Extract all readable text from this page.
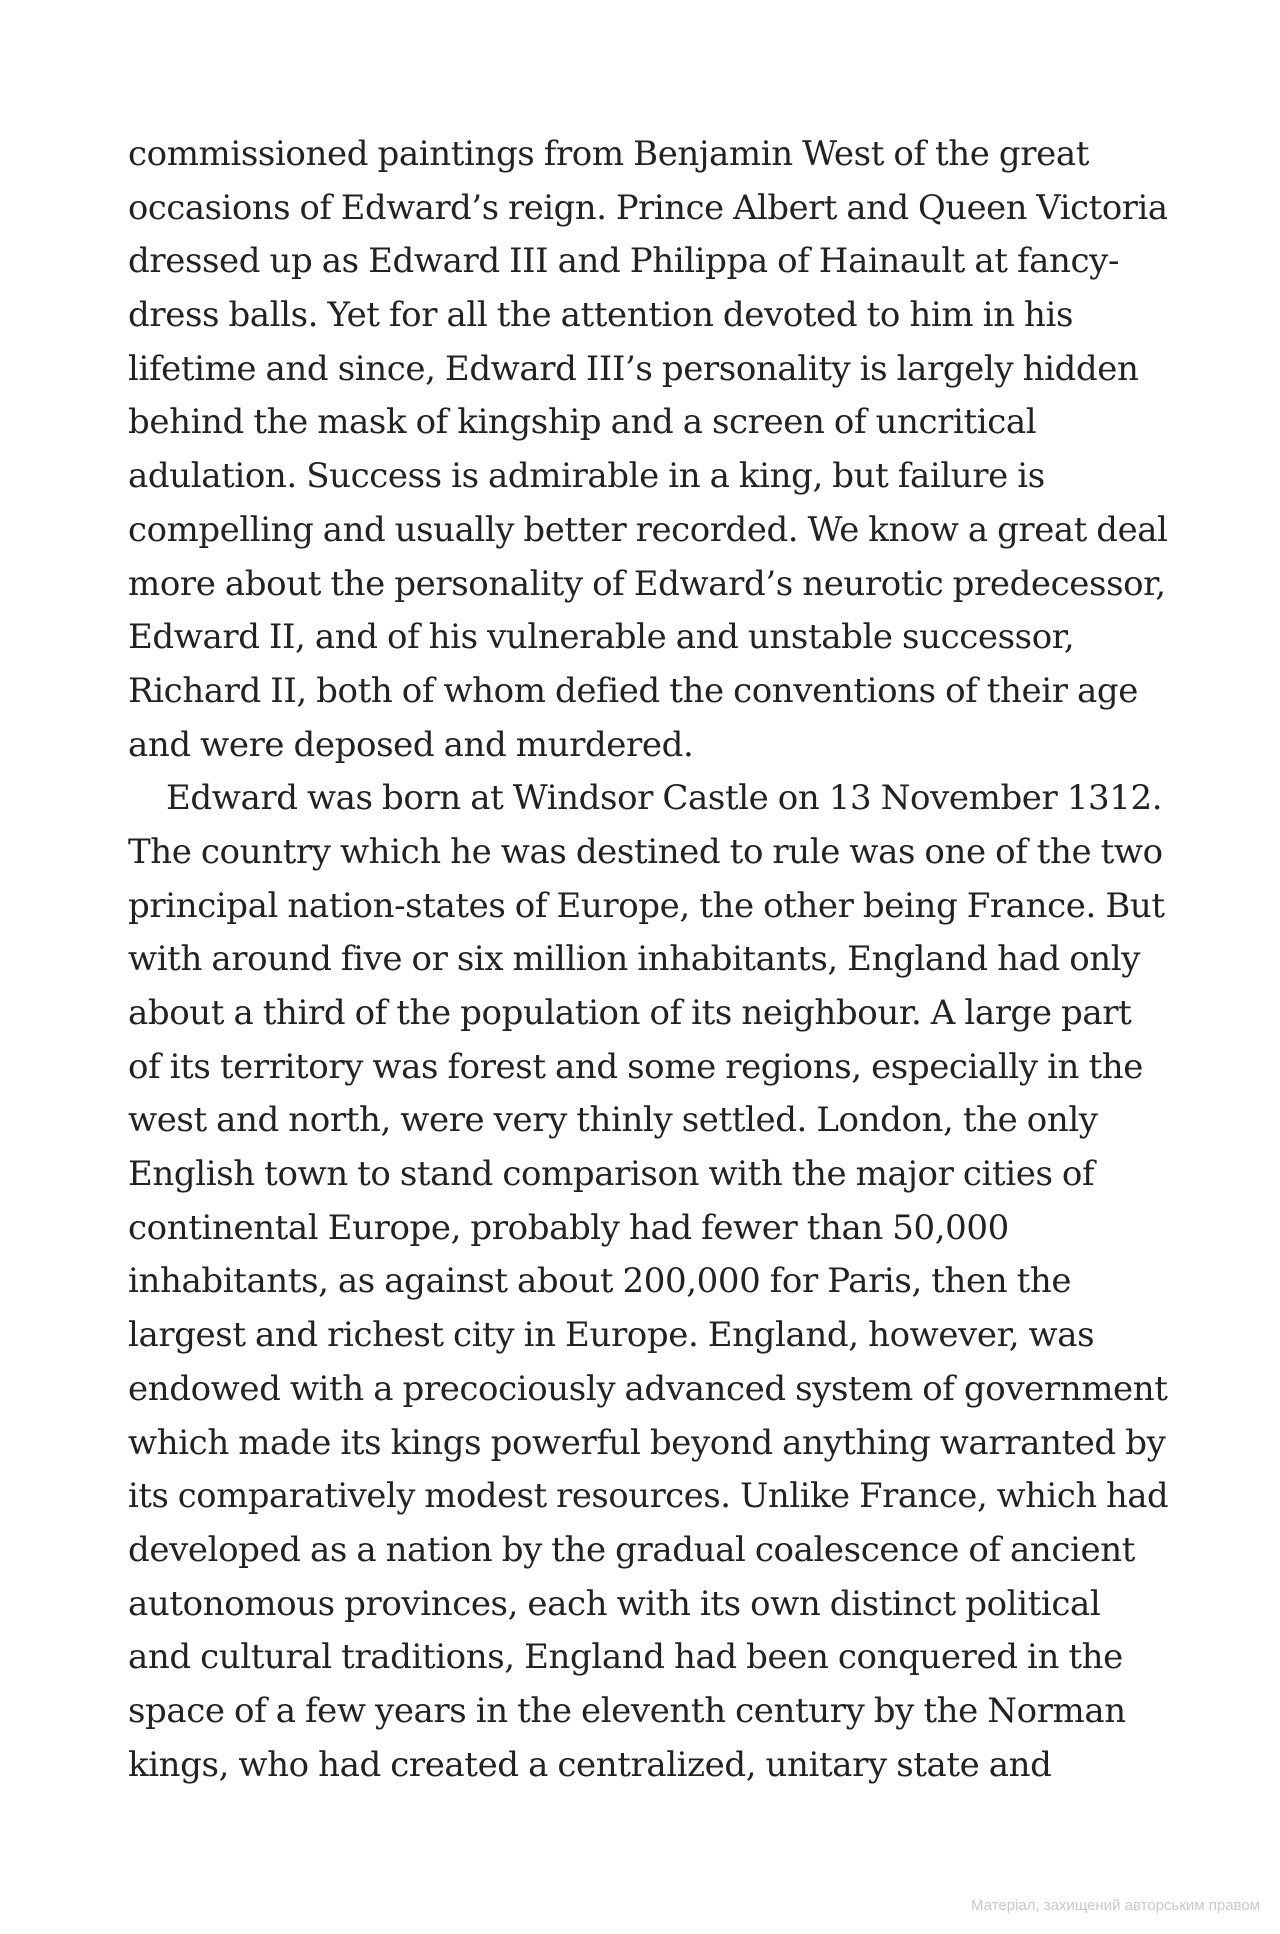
commissioned paintings from Benjamin West of the great
occasions of Edward’s reign. Prince Albert and Queen Victoria
dressed up as Edward III and Philippa of Hainault at fancy-
dress balls. Yet for all the attention devoted to him in his
lifetime and since, Edward III’s personality is largely hidden
behind the mask of kingship and a screen of uncritical
adulation. Success is admirable in a king, but failure is
compelling and usually better recorded. We know a great deal
more about the personality of Edward’s neurotic predecessor,
Edward II, and of his vulnerable and unstable successor,
Richard II, both of whom defied the conventions of their age
and were deposed and murdered.
Edward was born at Windsor Castle on 13 November 1312.
The country which he was destined to rule was one of the two
principal nation-states of Europe, the other being France. But
with around five or six million inhabitants, England had only
about a third of the population of its neighbour. A large part
of its territory was forest and some regions, especially in the
west and north, were very thinly settled. London, the only
English town to stand comparison with the major cities of
continental Europe, probably had fewer than 50,000
inhabitants, as against about 200,000 for Paris, then the
largest and richest city in Europe. England, however, was
endowed with a precociously advanced system of government
which made its kings powerful beyond anything warranted by
its comparatively modest resources. Unlike France, which had
developed as a nation by the gradual coalescence of ancient
autonomous provinces, each with its own distinct political
and cultural traditions, England had been conquered in the
space of a few years in the eleventh century by the Norman
kings, who had created a centralized, unitary state and
Матеріал, захищений авторським правом
